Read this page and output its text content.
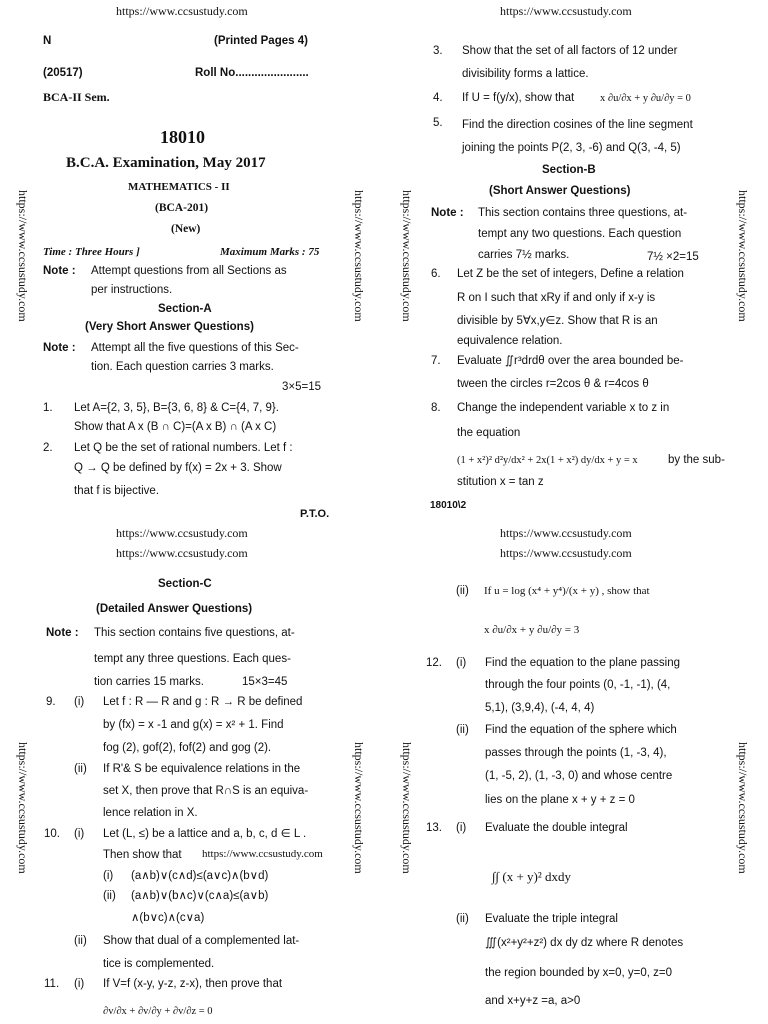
https://www.ccsustudy.com
https://www.ccsustudy.com	https://www.ccsustudy.com
N	(Printed Pages 4)
(20517)	Roll No.......................
BCA-II Sem.
18010
B.C.A. Examination, May 2017
MATHEMATICS - II
(BCA-201)
(New)
Time : Three Hours ]	Maximum Marks : 75
Note : Attempt questions from all Sections as
per instructions.
Section-A
(Very Short Answer Questions)
Note : Attempt all the five questions of this Sec-
tion. Each question carries 3 marks.
3×5=15
1. Let A={2, 3, 5}, B={3, 6, 8} & C={4, 7, 9}.
Show that A x (B ∩ C)=(A x B) ∩ (A x C)
2. Let Q be the set of rational numbers. Let f :
Q → Q be defined by f(x) = 2x + 3. Show
that f is bijective.
P.T.O.
https://www.ccsustudy.com
https://www.ccsustudy.com	https://www.ccsustudy.com
3. Show that the set of all factors of 12 under
divisibility forms a lattice.
4. If U = f(y/x), show that x ∂u/∂x + y ∂u/∂y = 0
5. Find the direction cosines of the line segment
joining the points P(2, 3, -6) and Q(3, -4, 5)
Section-B
(Short Answer Questions)
Note : This section contains three questions, at-
tempt any two questions. Each question
carries 7½ marks.	7½ ×2=15
6. Let Z be the set of integers, Define a relation
R on I such that xRy if and only if x-y is
divisible by 5∀x,y∈z. Show that R is an
equivalence relation.
7. Evaluate ∬r³drdθ over the area bounded be-
tween the circles r=2cos θ & r=4cos θ
8. Change the independent variable x to z in
the equation
(1 + x²)² d²y/dx² + 2x(1 + x²) dy/dx + y = x	by the sub-
stitution x = tan z
18010\2
https://www.ccsustudy.com
https://www.ccsustudy.com
https://www.ccsustudy.com	https://www.ccsustudy.com
Section-C
(Detailed Answer Questions)
Note : This section contains five questions, at-
tempt any three questions. Each ques-
tion carries 15 marks.	15×3=45
9. (i) Let f : R — R and g : R → R be defined
by (fx) = x -1 and g(x) = x² + 1. Find
fog (2), gof(2), fof(2) and gog (2).
(ii) If R'& S be equivalence relations in the
set X, then prove that R∩S is an equiva-
lence relation in X.
10. (i) Let (L, ≤) be a lattice and a, b, c, d ∈ L .
Then show that https://www.ccsustudy.com
(i) (a∧b)∨(c∧d)≤(a∨c)∧(b∨d)
(ii) (a∧b)∨(b∧c)∨(c∧a)≤(a∨b)
∧(b∨c)∧(c∨a)
(ii) Show that dual of a complemented lat-
tice is complemented.
11. (i) If V=f (x-y, y-z, z-x), then prove that
∂v/∂x + ∂v/∂y + ∂v/∂z = 0
https://www.ccsustudy.com
https://www.ccsustudy.com
https://www.ccsustudy.com	https://www.ccsustudy.com
(ii) If u = log (x⁴ + y⁴)/(x + y) , show that
x ∂u/∂x + y ∂u/∂y = 3
12. (i) Find the equation to the plane passing
through the four points (0, -1, -1), (4,
5,1), (3,9,4), (-4, 4, 4)
(ii) Find the equation of the sphere which
passes through the points (1, -3, 4),
(1, -5, 2), (1, -3, 0) and whose centre
lies on the plane x + y + z = 0
13. (i) Evaluate the double integral
∫∫ (x + y)² dxdy
(ii) Evaluate the triple integral
∭(x²+y²+z²) dx dy dz where R denotes
the region bounded by x=0, y=0, z=0
and x+y+z =a, a>0
